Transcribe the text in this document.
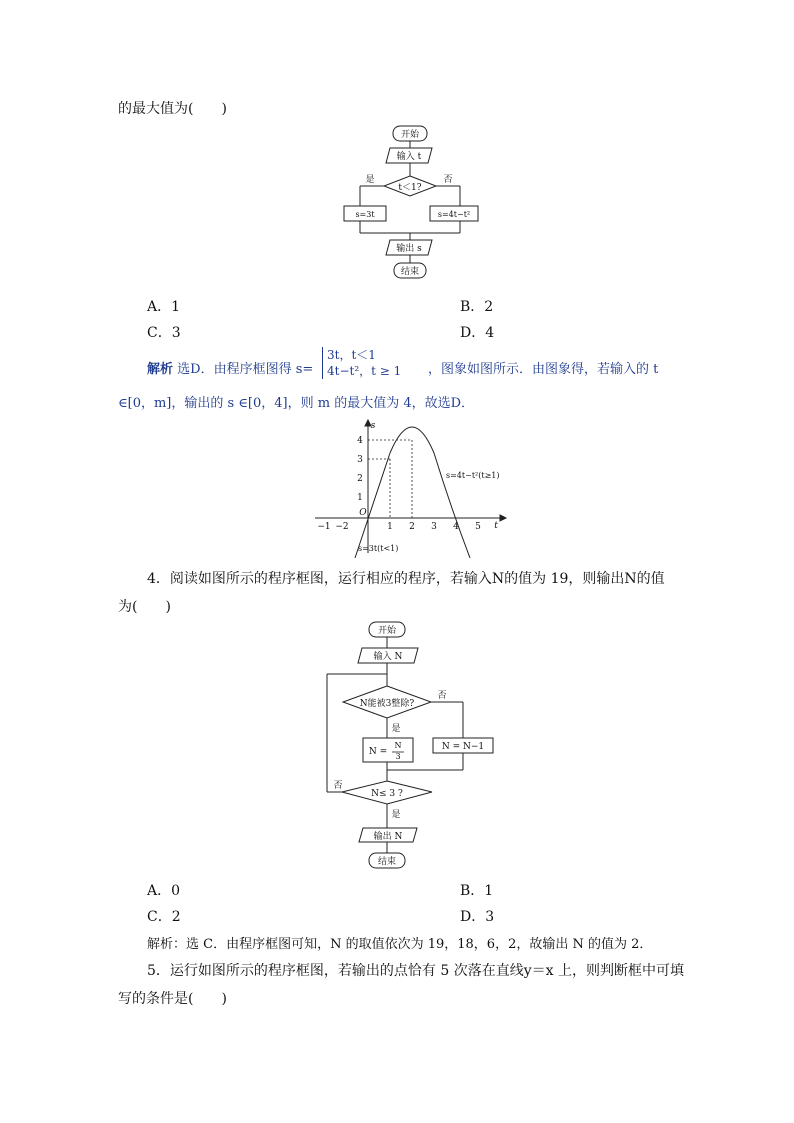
的最大值为(　　)
开始
输入 t
t＜1?
是	否
s=3t	s=4t−t²
输出 s
结束
A．1	B．2
C．3	D．4
解析 选D．由程序框图得 s=
3t，t＜1
4t−t²，t ≥ 1 ，图象如图所示．由图象得，若输入的 t
∈[0，m]，输出的 s ∈[0，4]，则 m 的最大值为 4，故选D．
s
t
O
−1 −2	1 2 3 4 5
4
3
2
1
s=4t−t²(t≥1)
s=3t(t<1)
4．阅读如图所示的程序框图，运行相应的程序，若输入N的值为 19，则输出N的值
为(　　)
开始
输入 N
N能被3整除?
否
是
N =
N
3
N = N−1
N≤ 3 ?
否
是
输出 N
结束
A．0	B．1
C．2	D．3
解析：选 C．由程序框图可知，N 的取值依次为 19，18，6，2，故输出 N 的值为 2．
5．运行如图所示的程序框图，若输出的点恰有 5 次落在直线y＝x 上，则判断框中可填
写的条件是(　　)
